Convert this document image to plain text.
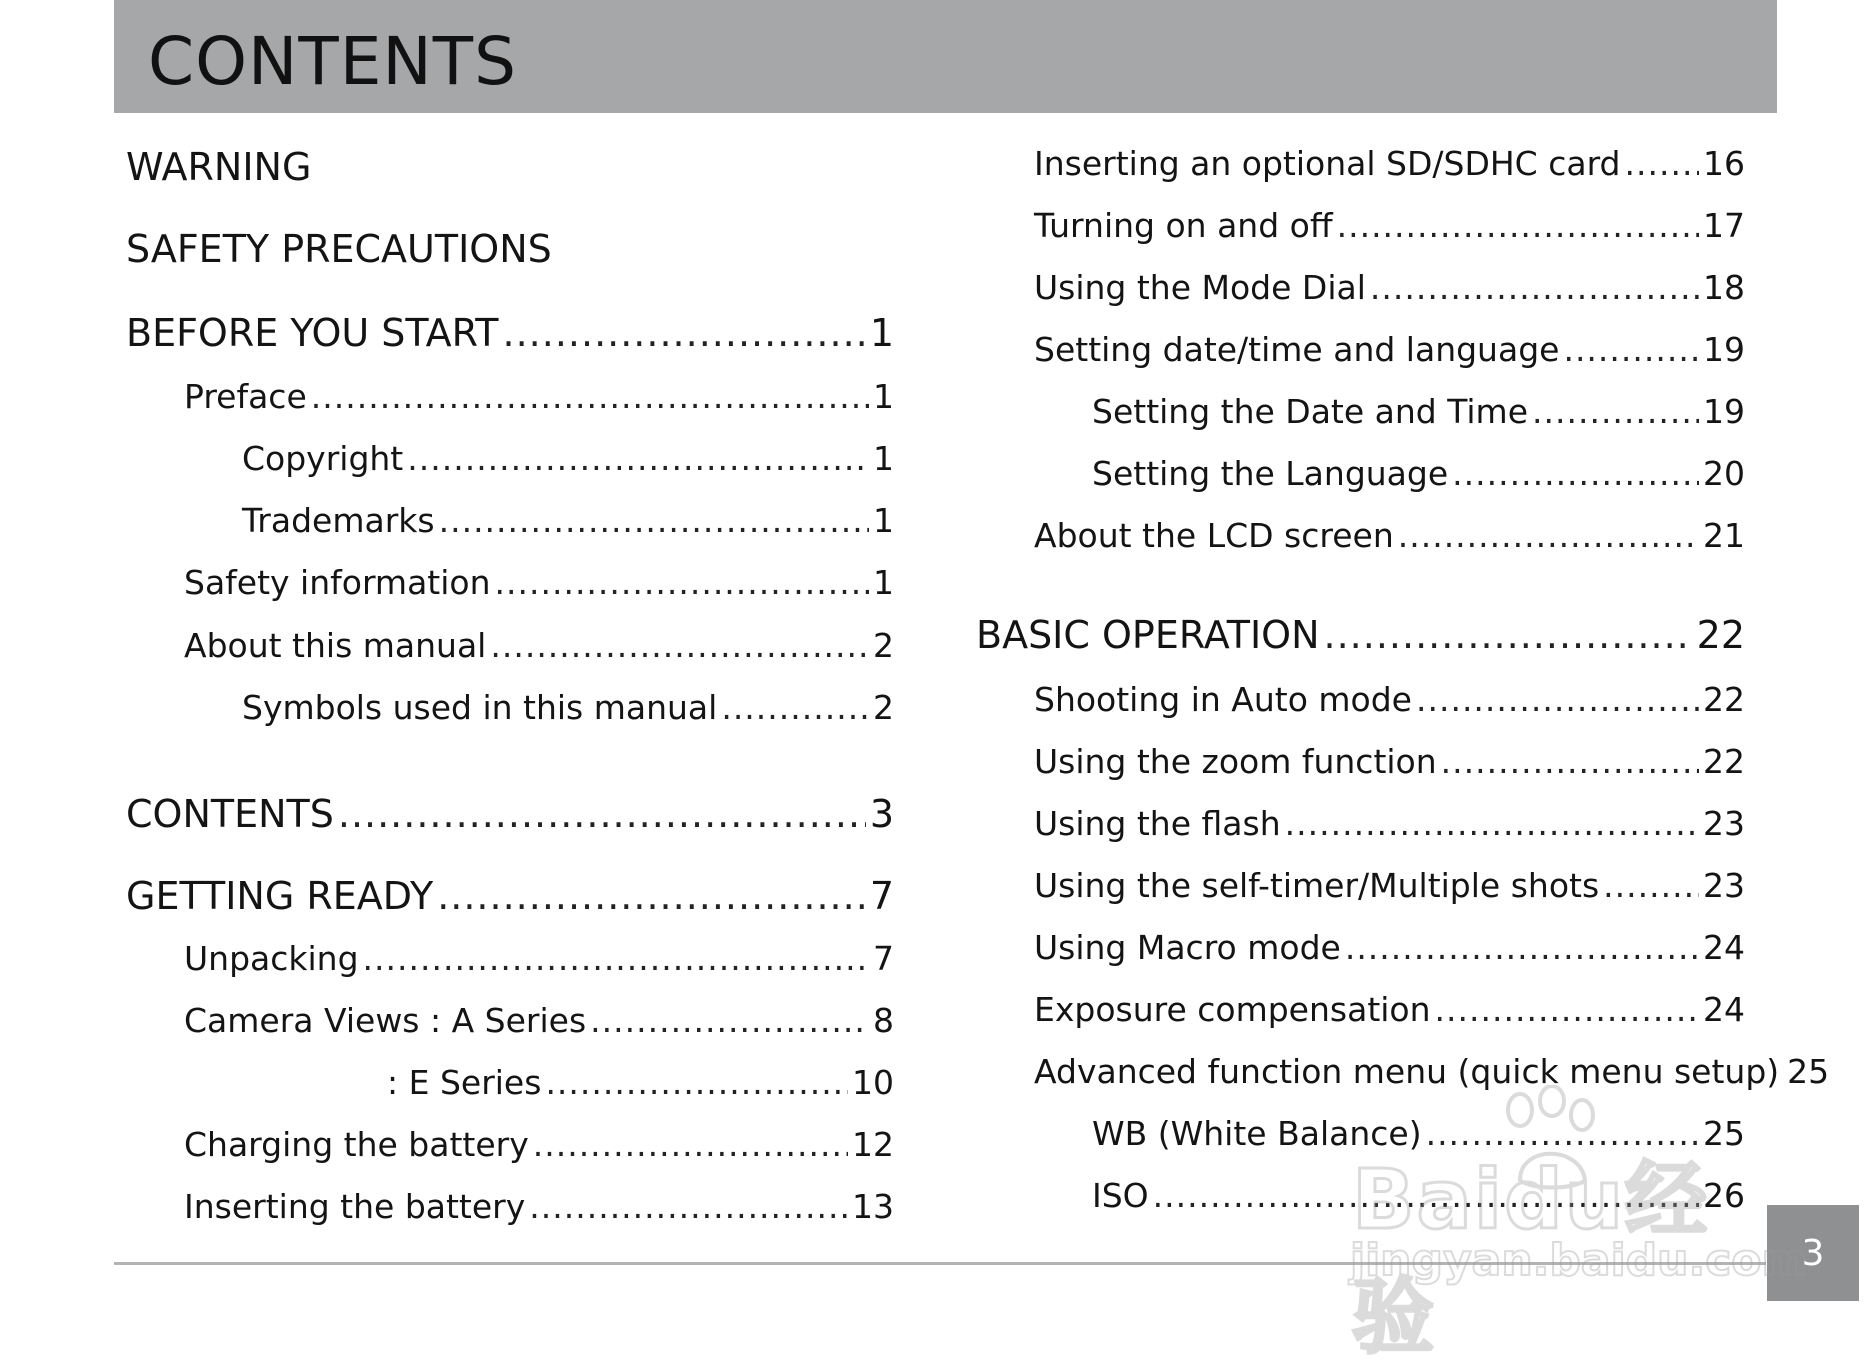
CONTENTS
WARNING
SAFETY PRECAUTIONS
BEFORE YOU START .....	1
Preface .....	1
Copyright .....	1
Trademarks .....	1
Safety information .....	1
About this manual .....	2
Symbols used in this manual .....	2
CONTENTS .....	3
GETTING READY .....	7
Unpacking .....	7
Camera Views : A Series .....	8
: E Series .....	10
Charging the battery .....	12
Inserting the battery .....	13
Inserting an optional SD/SDHC card ..... 16
Turning on and off .....	17
Using the Mode Dial .....	18
Setting date/time and language .....	19
Setting the Date and Time .....	19
Setting the Language .....	20
About the LCD screen .....	21
BASIC OPERATION .....	22
Shooting in Auto mode .....	22
Using the zoom function .....	22
Using the flash .....	23
Using the self-timer/Multiple shots .....	23
Using Macro mode .....	24
Exposure compensation .....	24
Advanced function menu (quick menu setup) 25
WB (White Balance) .....	25
ISO .....	26
3
Baidu经验
jingyan.baidu.com
